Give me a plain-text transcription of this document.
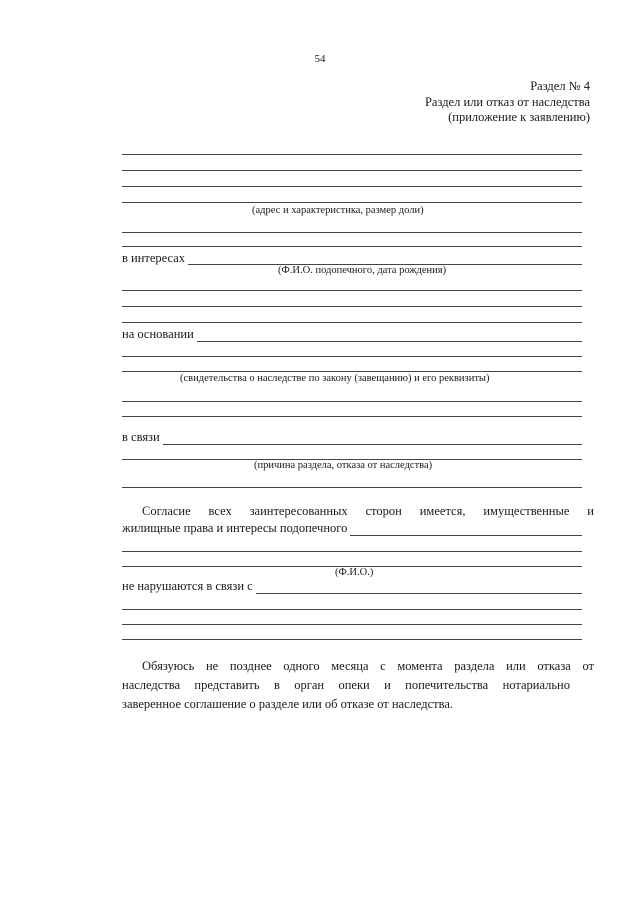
54
Раздел № 4
Раздел или отказ от наследства
(приложение к заявлению)
(адрес и характеристика, размер доли)
в интересах
(Ф.И.О. подопечного, дата рождения)
на основании
(свидетельства о наследстве по закону (завещанию) и его реквизиты)
в связи
(причина раздела, отказа от наследства)

Согласие всех заинтересованных сторон имеется, имущественные и

жилищные права и интересы подопечного
(Ф.И.О.)
не нарушаются в связи с

Обязуюсь не позднее одного месяца с момента раздела или отказа от

наследства представить в орган опеки и попечительства нотариально

заверенное соглашение о разделе или об отказе от наследства.
